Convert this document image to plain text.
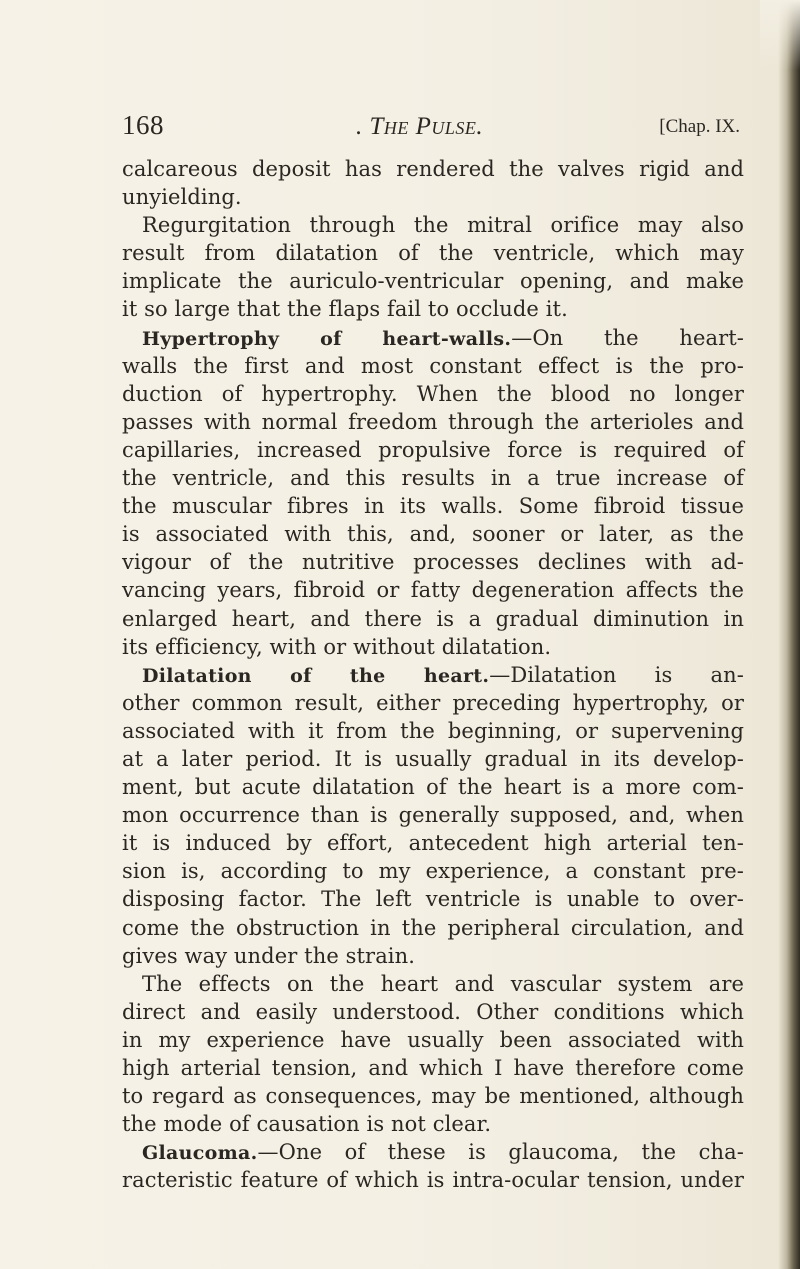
168	. The Pulse.	[Chap. IX.
calcareous deposit has rendered the valves rigid and
unyielding.
Regurgitation through the mitral orifice may also
result from dilatation of the ventricle, which may
implicate the auriculo-ventricular opening, and make
it so large that the flaps fail to occlude it.
Hypertrophy of heart-walls.—On the heart-
walls the first and most constant effect is the pro-
duction of hypertrophy. When the blood no longer
passes with normal freedom through the arterioles and
capillaries, increased propulsive force is required of
the ventricle, and this results in a true increase of
the muscular fibres in its walls. Some fibroid tissue
is associated with this, and, sooner or later, as the
vigour of the nutritive processes declines with ad-
vancing years, fibroid or fatty degeneration affects the
enlarged heart, and there is a gradual diminution in
its efficiency, with or without dilatation.
Dilatation of the heart.—Dilatation is an-
other common result, either preceding hypertrophy, or
associated with it from the beginning, or supervening
at a later period. It is usually gradual in its develop-
ment, but acute dilatation of the heart is a more com-
mon occurrence than is generally supposed, and, when
it is induced by effort, antecedent high arterial ten-
sion is, according to my experience, a constant pre-
disposing factor. The left ventricle is unable to over-
come the obstruction in the peripheral circulation, and
gives way under the strain.
The effects on the heart and vascular system are
direct and easily understood. Other conditions which
in my experience have usually been associated with
high arterial tension, and which I have therefore come
to regard as consequences, may be mentioned, although
the mode of causation is not clear.
Glaucoma.—One of these is glaucoma, the cha-
racteristic feature of which is intra-ocular tension, under
